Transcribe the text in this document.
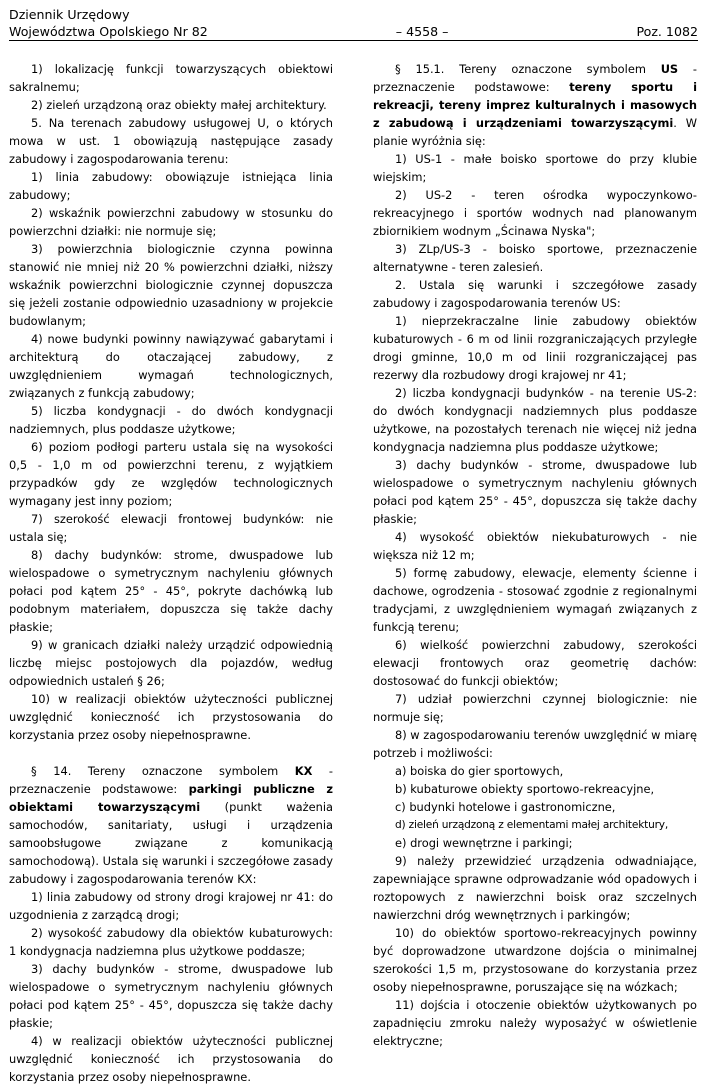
Dziennik Urzędowy
Województwa Opolskiego Nr 82	– 4558 –	Poz. 1082

1) lokalizację funkcji towarzyszących obiektowi sakralnemu;

2) zieleń urządzoną oraz obiekty małej architektury.

5. Na terenach zabudowy usługowej U, o których mowa w ust. 1 obowiązują następujące zasady zabudowy i zagospodarowania terenu:

1) linia zabudowy: obowiązuje istniejąca linia zabudowy;

2) wskaźnik powierzchni zabudowy w stosunku do powierzchni działki: nie normuje się;

3) powierzchnia biologicznie czynna powinna stanowić nie mniej niż 20 % powierzchni działki, niższy wskaźnik powierzchni biologicznie czynnej dopuszcza się jeżeli zostanie odpowiednio uzasadniony w projekcie budowlanym;

4) nowe budynki powinny nawiązywać gabarytami i architekturą do otaczającej zabudowy, z uwzględnieniem wymagań technologicznych, związanych z funkcją zabudowy;

5) liczba kondygnacji - do dwóch kondygnacji nadziemnych, plus poddasze użytkowe;

6) poziom podłogi parteru ustala się na wysokości 0,5 - 1,0 m od powierzchni terenu, z wyjątkiem przypadków gdy ze względów technologicznych wymagany jest inny poziom;

7) szerokość elewacji frontowej budynków: nie ustala się;

8) dachy budynków: strome, dwuspadowe lub wielospadowe o symetrycznym nachyleniu głównych połaci pod kątem 25° - 45°, pokryte dachówką lub podobnym materiałem, dopuszcza się także dachy płaskie;

9) w granicach działki należy urządzić odpowiednią liczbę miejsc postojowych dla pojazdów, według odpowiednich ustaleń § 26;

10) w realizacji obiektów użyteczności publicznej uwzględnić konieczność ich przystosowania do korzystania przez osoby niepełnosprawne.

§ 14. Tereny oznaczone symbolem KX - przeznaczenie podstawowe: parkingi publiczne z obiektami towarzyszącymi (punkt ważenia samochodów, sanitariaty, usługi i urządzenia samoobsługowe związane z komunikacją samochodową). Ustala się warunki i szczegółowe zasady zabudowy i zagospodarowania terenów KX:

1) linia zabudowy od strony drogi krajowej nr 41: do uzgodnienia z zarządcą drogi;

2) wysokość zabudowy dla obiektów kubaturowych: 1 kondygnacja nadziemna plus użytkowe poddasze;

3) dachy budynków - strome, dwuspadowe lub wielospadowe o symetrycznym nachyleniu głównych połaci pod kątem 25° - 45°, dopuszcza się także dachy płaskie;

4) w realizacji obiektów użyteczności publicznej uwzględnić konieczność ich przystosowania do korzystania przez osoby niepełnosprawne.

§ 15.1. Tereny oznaczone symbolem US - przeznaczenie podstawowe: tereny sportu i rekreacji, tereny imprez kulturalnych i masowych z zabudową i urządzeniami towarzyszącymi. W planie wyróżnia się:

1) US-1 - małe boisko sportowe do przy klubie wiejskim;

2) US-2 - teren ośrodka wypoczynkowo-rekreacyjnego i sportów wodnych nad planowanym zbiornikiem wodnym „Ścinawa Nyska";

3) ZLp/US-3 - boisko sportowe, przeznaczenie alternatywne - teren zalesień.

2. Ustala się warunki i szczegółowe zasady zabudowy i zagospodarowania terenów US:

1) nieprzekraczalne linie zabudowy obiektów kubaturowych - 6 m od linii rozgraniczających przyległe drogi gminne, 10,0 m od linii rozgraniczającej pas rezerwy dla rozbudowy drogi krajowej nr 41;

2) liczba kondygnacji budynków - na terenie US-2: do dwóch kondygnacji nadziemnych plus poddasze użytkowe, na pozostałych terenach nie więcej niż jedna kondygnacja nadziemna plus poddasze użytkowe;

3) dachy budynków - strome, dwuspadowe lub wielospadowe o symetrycznym nachyleniu głównych połaci pod kątem 25° - 45°, dopuszcza się także dachy płaskie;

4) wysokość obiektów niekubaturowych - nie większa niż 12 m;

5) formę zabudowy, elewacje, elementy ścienne i dachowe, ogrodzenia - stosować zgodnie z regionalnymi tradycjami, z uwzględnieniem wymagań związanych z funkcją terenu;

6) wielkość powierzchni zabudowy, szerokości elewacji frontowych oraz geometrię dachów: dostosować do funkcji obiektów;

7) udział powierzchni czynnej biologicznie: nie normuje się;

8) w zagospodarowaniu terenów uwzględnić w miarę potrzeb i możliwości:

a) boiska do gier sportowych,

b) kubaturowe obiekty sportowo-rekreacyjne,

c) budynki hotelowe i gastronomiczne,

d) zieleń urządzoną z elementami małej architektury,

e) drogi wewnętrzne i parkingi;

9) należy przewidzieć urządzenia odwadniające, zapewniające sprawne odprowadzanie wód opadowych i roztopowych z nawierzchni boisk oraz szczelnych nawierzchni dróg wewnętrznych i parkingów;

10) do obiektów sportowo-rekreacyjnych powinny być doprowadzone utwardzone dojścia o minimalnej szerokości 1,5 m, przystosowane do korzystania przez osoby niepełnosprawne, poruszające się na wózkach;

11) dojścia i otoczenie obiektów użytkowanych po zapadnięciu zmroku należy wyposażyć w oświetlenie elektryczne;
